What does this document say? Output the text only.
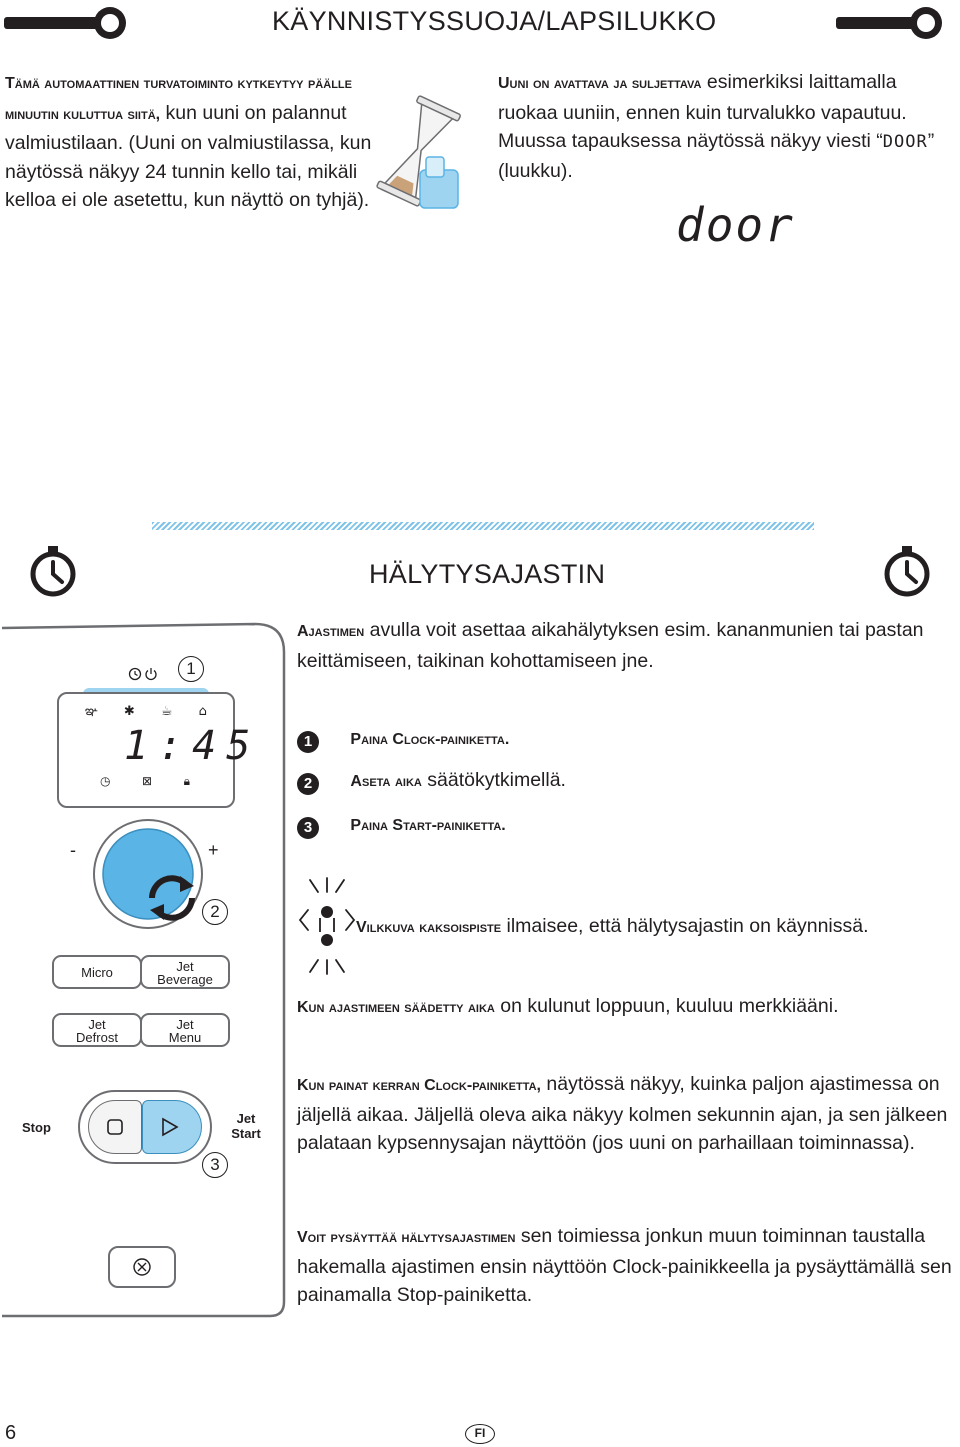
KÄYNNISTYSSUOJA/LAPSILUKKO
Tämä automaattinen turvatoiminto kytkeytyy päälle minuutin kuluttua siitä, kun uuni on palannut valmiustilaan. (Uuni on valmiustilassa, kun näytössä näkyy 24 tunnin kello tai, mikäli kelloa ei ole asetettu, kun näyttö on tyhjä).
Uuni on avattava ja suljettava esimerkiksi laittamalla ruokaa uuniin, ennen kuin turvalukko vapautuu. Muussa tapauksessa näytössä näkyy viesti “DOOR” (luukku).
door
HÄLYTYSAJASTIN
1
ఞ ✱ ☕ ⌂
1:45
◷	⊠	🔒︎
-	+
2
Micro	Jet
Beverage
Jet
Defrost
Jet
Menu
Stop
Jet
Start
3
Ajastimen avulla voit asettaa aikahälytyksen esim. kananmunien tai pastan keittämiseen, taikinan kohottamiseen jne.
1 Paina Clock-painiketta.
2 Aseta aika säätökytkimellä.
3 Paina Start-painiketta.
Vilkkuva kaksoispiste ilmaisee, että hälytysajastin on käynnissä.
Kun ajastimeen säädetty aika on kulunut loppuun, kuuluu merkkiääni.
Kun painat kerran Clock-painiketta, näytössä näkyy, kuinka paljon ajastimessa on jäljellä aikaa. Jäljellä oleva aika näkyy kolmen sekunnin ajan, ja sen jälkeen palataan kypsennysajan näyttöön (jos uuni on parhaillaan toiminnassa).
Voit pysäyttää hälytysajastimen sen toimiessa jonkun muun toiminnan taustalla hakemalla ajastimen ensin näyttöön Clock-painikkeella ja pysäyttämällä sen painamalla Stop-painiketta.
6	FI
